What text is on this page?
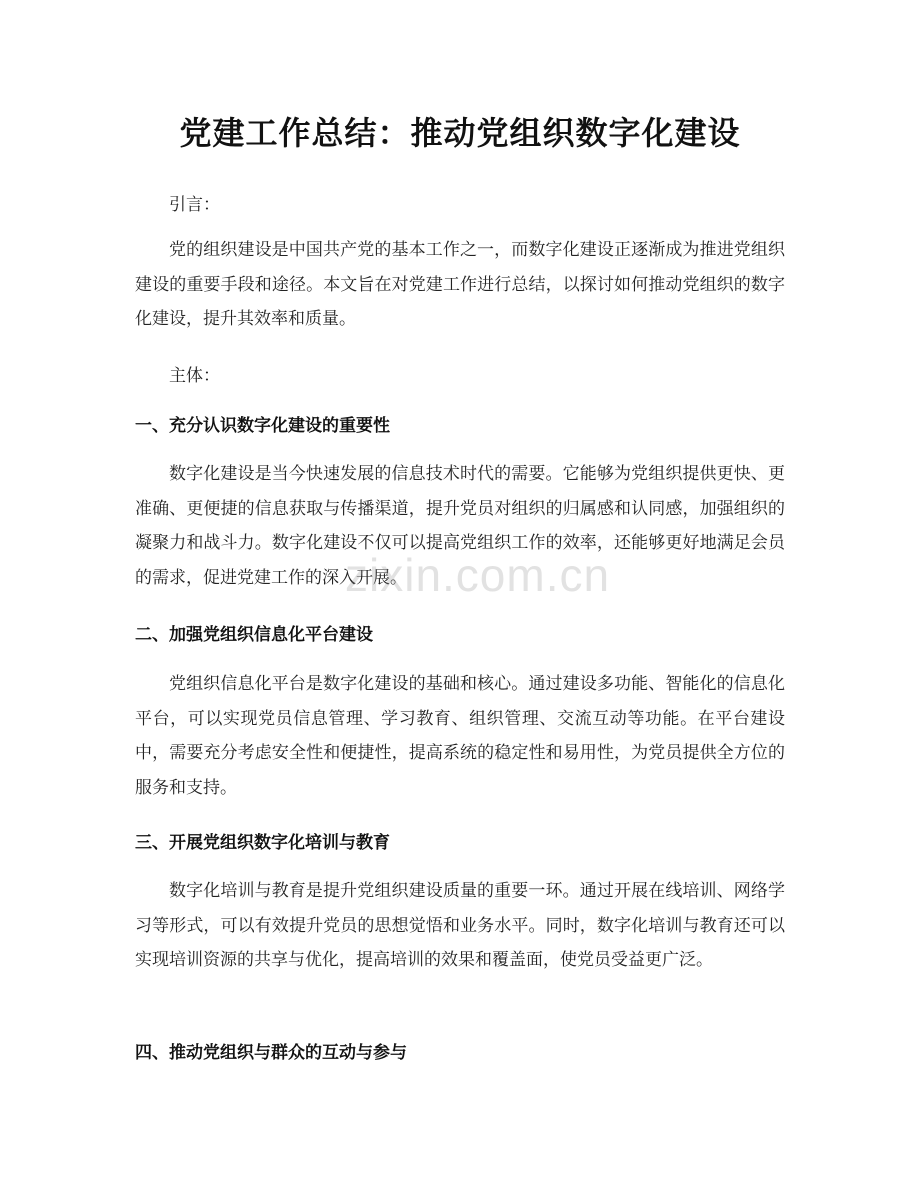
党建工作总结：推动党组织数字化建设
引言：

党的组织建设是中国共产党的基本工作之一，而数字化建设正逐渐成为推进党组织建设的重要手段和途径。本文旨在对党建工作进行总结，以探讨如何推动党组织的数字化建设，提升其效率和质量。

主体：
一、充分认识数字化建设的重要性

数字化建设是当今快速发展的信息技术时代的需要。它能够为党组织提供更快、更准确、更便捷的信息获取与传播渠道，提升党员对组织的归属感和认同感，加强组织的凝聚力和战斗力。数字化建设不仅可以提高党组织工作的效率，还能够更好地满足会员的需求，促进党建工作的深入开展。

二、加强党组织信息化平台建设

党组织信息化平台是数字化建设的基础和核心。通过建设多功能、智能化的信息化平台，可以实现党员信息管理、学习教育、组织管理、交流互动等功能。在平台建设中，需要充分考虑安全性和便捷性，提高系统的稳定性和易用性，为党员提供全方位的服务和支持。

三、开展党组织数字化培训与教育

数字化培训与教育是提升党组织建设质量的重要一环。通过开展在线培训、网络学习等形式，可以有效提升党员的思想觉悟和业务水平。同时，数字化培训与教育还可以实现培训资源的共享与优化，提高培训的效果和覆盖面，使党员受益更广泛。

四、推动党组织与群众的互动与参与
zixin.com.cn
